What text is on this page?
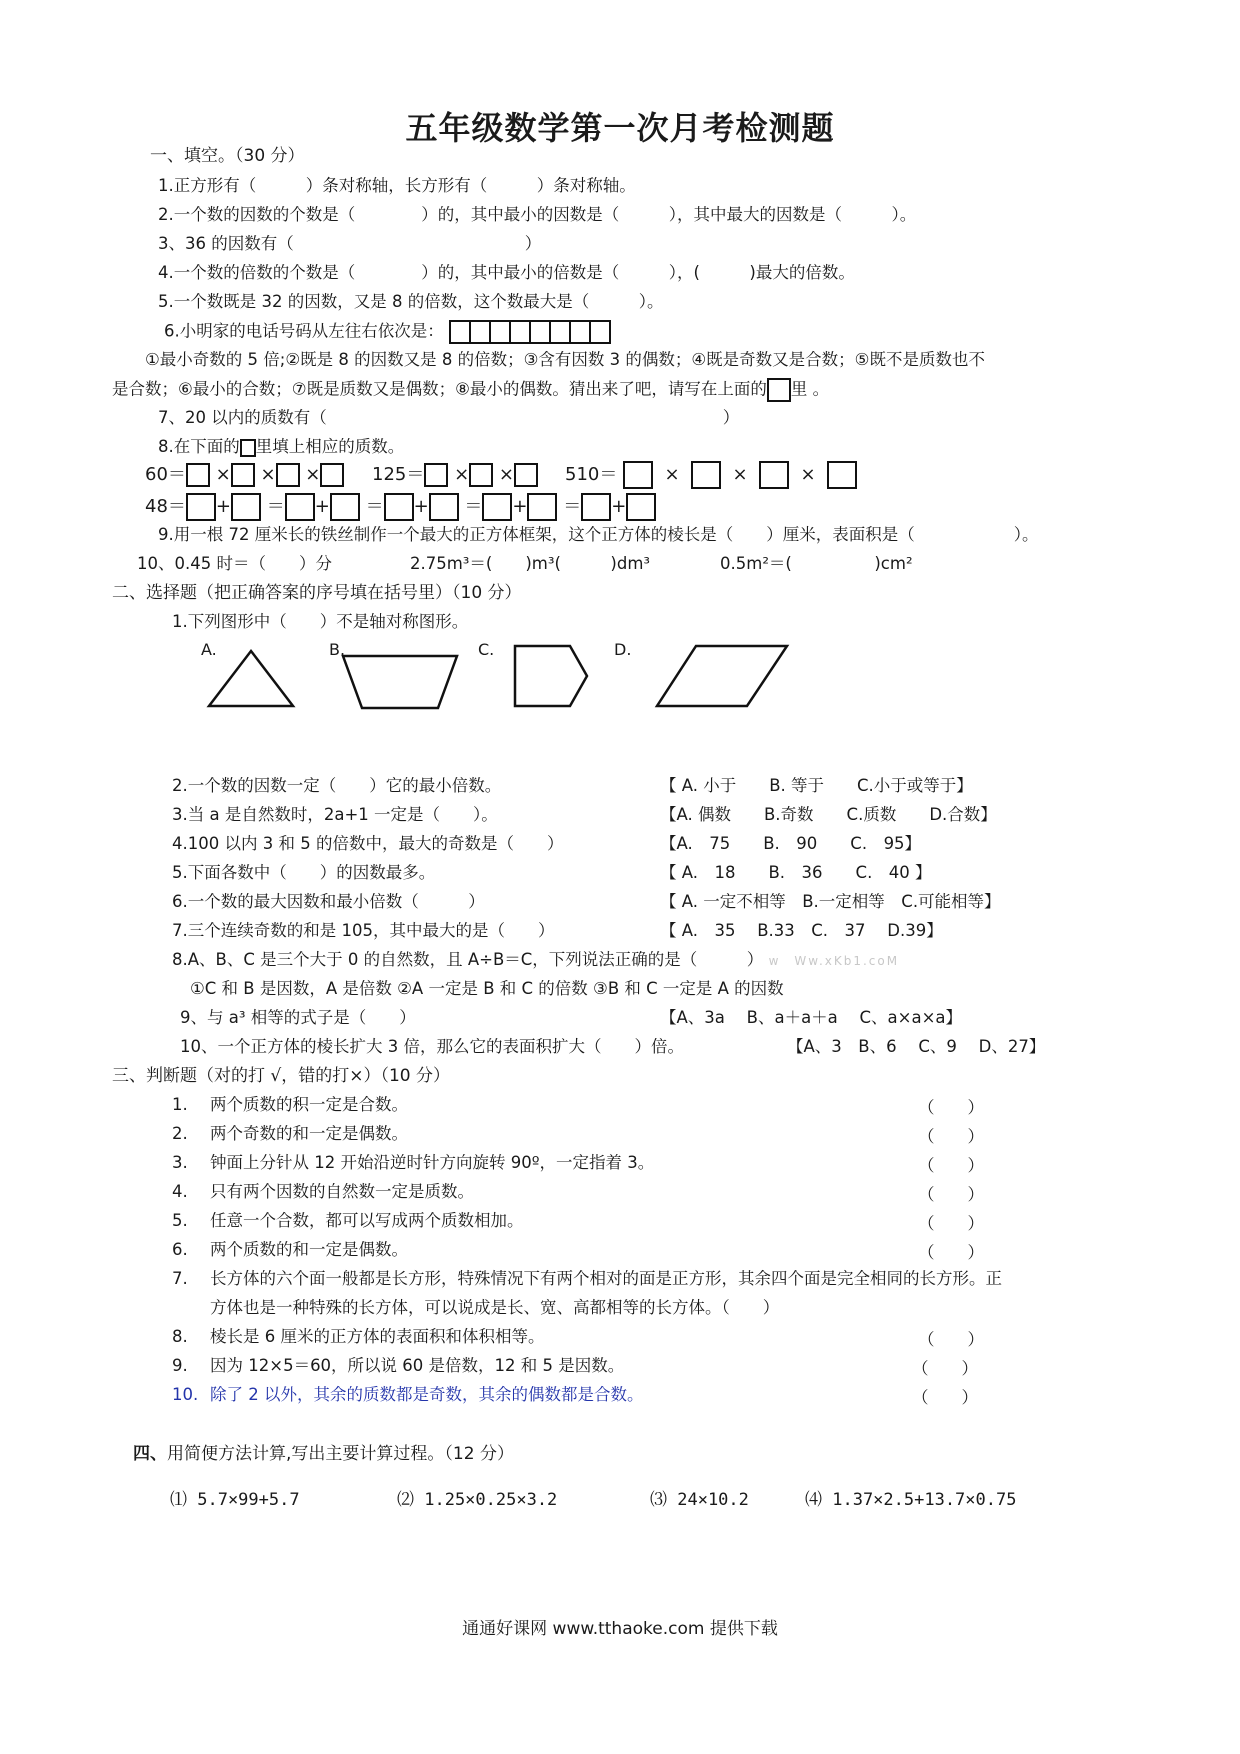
五年级数学第一次月考检测题
一、填空。（30 分）
1.正方形有（　　　）条对称轴，长方形有（　　　）条对称轴。
2.一个数的因数的个数是（　　　　）的，其中最小的因数是（　　　），其中最大的因数是（　　　）。
3、36 的因数有（　　　　　　　　　　　　　　）
4.一个数的倍数的个数是（　　　　）的，其中最小的倍数是（　　　），(　　　)最大的倍数。
5.一个数既是 32 的因数，又是 8 的倍数，这个数最大是（　　　）。
6.小明家的电话号码从左往右依次是：
①最小奇数的 5 倍;②既是 8 的因数又是 8 的倍数；③含有因数 3 的偶数；④既是奇数又是合数；⑤既不是质数也不
是合数；⑥最小的合数；⑦既是质数又是偶数；⑧最小的偶数。猜出来了吧，请写在上面的 里 。
7、20 以内的质数有（　　　　　　　　　　　　　　　　　　　　　　　　）
8.在下面的 里填上相应的质数。
60＝ × × ×	125＝ × ×	510＝	×	×	×
48＝ + ＝ + ＝ + ＝ + ＝ +
9.用一根 72 厘米长的铁丝制作一个最大的正方体框架，这个正方体的棱长是（　　）厘米，表面积是（　　　　　　）。
10、0.45 时＝（　　）分	2.75m³＝(　　)m³(　　　)dm³	0.5m²＝(　　　　　)cm²
二、选择题（把正确答案的序号填在括号里）（10 分）
1.下列图形中（　　）不是轴对称图形。
A.	B.	C.	D.
2.一个数的因数一定（　　）它的最小倍数。	【 A. 小于　　B. 等于　　C.小于或等于】
3.当 a 是自然数时，2a+1 一定是（　　）。	【A. 偶数　　B.奇数　　C.质数　　D.合数】
4.100 以内 3 和 5 的倍数中，最大的奇数是（　　）	【A.　75　　B.　90　　C.　95】
5.下面各数中（　　）的因数最多。	【 A.　18　　B.　36　　C.　40 】
6.一个数的最大因数和最小倍数（　　　）	【 A. 一定不相等　B.一定相等　C.可能相等】
7.三个连续奇数的和是 105，其中最大的是（　　）	【 A.　35　 B.33　C.　37　 D.39】
8.A、B、C 是三个大于 0 的自然数，且 A÷B＝C，下列说法正确的是（　　　） w　Ww.xKb1.coM
①C 和 B 是因数，A 是倍数 ②A 一定是 B 和 C 的倍数 ③B 和 C 一定是 A 的因数
9、与 a³ 相等的式子是（　　）	【A、3a　 B、a＋a＋a　 C、a×a×a】
10、一个正方体的棱长扩大 3 倍，那么它的表面积扩大（　　）倍。	【A、3　B、6　 C、9　 D、27】
三、判断题（对的打 √，错的打×）（10 分）
1. 两个质数的积一定是合数。	（　　）
2. 两个奇数的和一定是偶数。	（　　）
3. 钟面上分针从 12 开始沿逆时针方向旋转 90º，一定指着 3。	（　　）
4. 只有两个因数的自然数一定是质数。	（　　）
5. 任意一个合数，都可以写成两个质数相加。	（　　）
6. 两个质数的和一定是偶数。	（　　）
7. 长方体的六个面一般都是长方形，特殊情况下有两个相对的面是正方形，其余四个面是完全相同的长方形。正
方体也是一种特殊的长方体，可以说成是长、宽、高都相等的长方体。（　　）
8. 棱长是 6 厘米的正方体的表面积和体积相等。	（　　）
9. 因为 12×5＝60，所以说 60 是倍数，12 和 5 是因数。	（　　）
10. 除了 2 以外，其余的质数都是奇数，其余的偶数都是合数。	（　　）
四、用简便方法计算,写出主要计算过程。（12 分）
⑴ 5.7×99+5.7	⑵ 1.25×0.25×3.2	⑶ 24×10.2	⑷ 1.37×2.5+13.7×0.75
通通好课网 www.tthaoke.com 提供下载
